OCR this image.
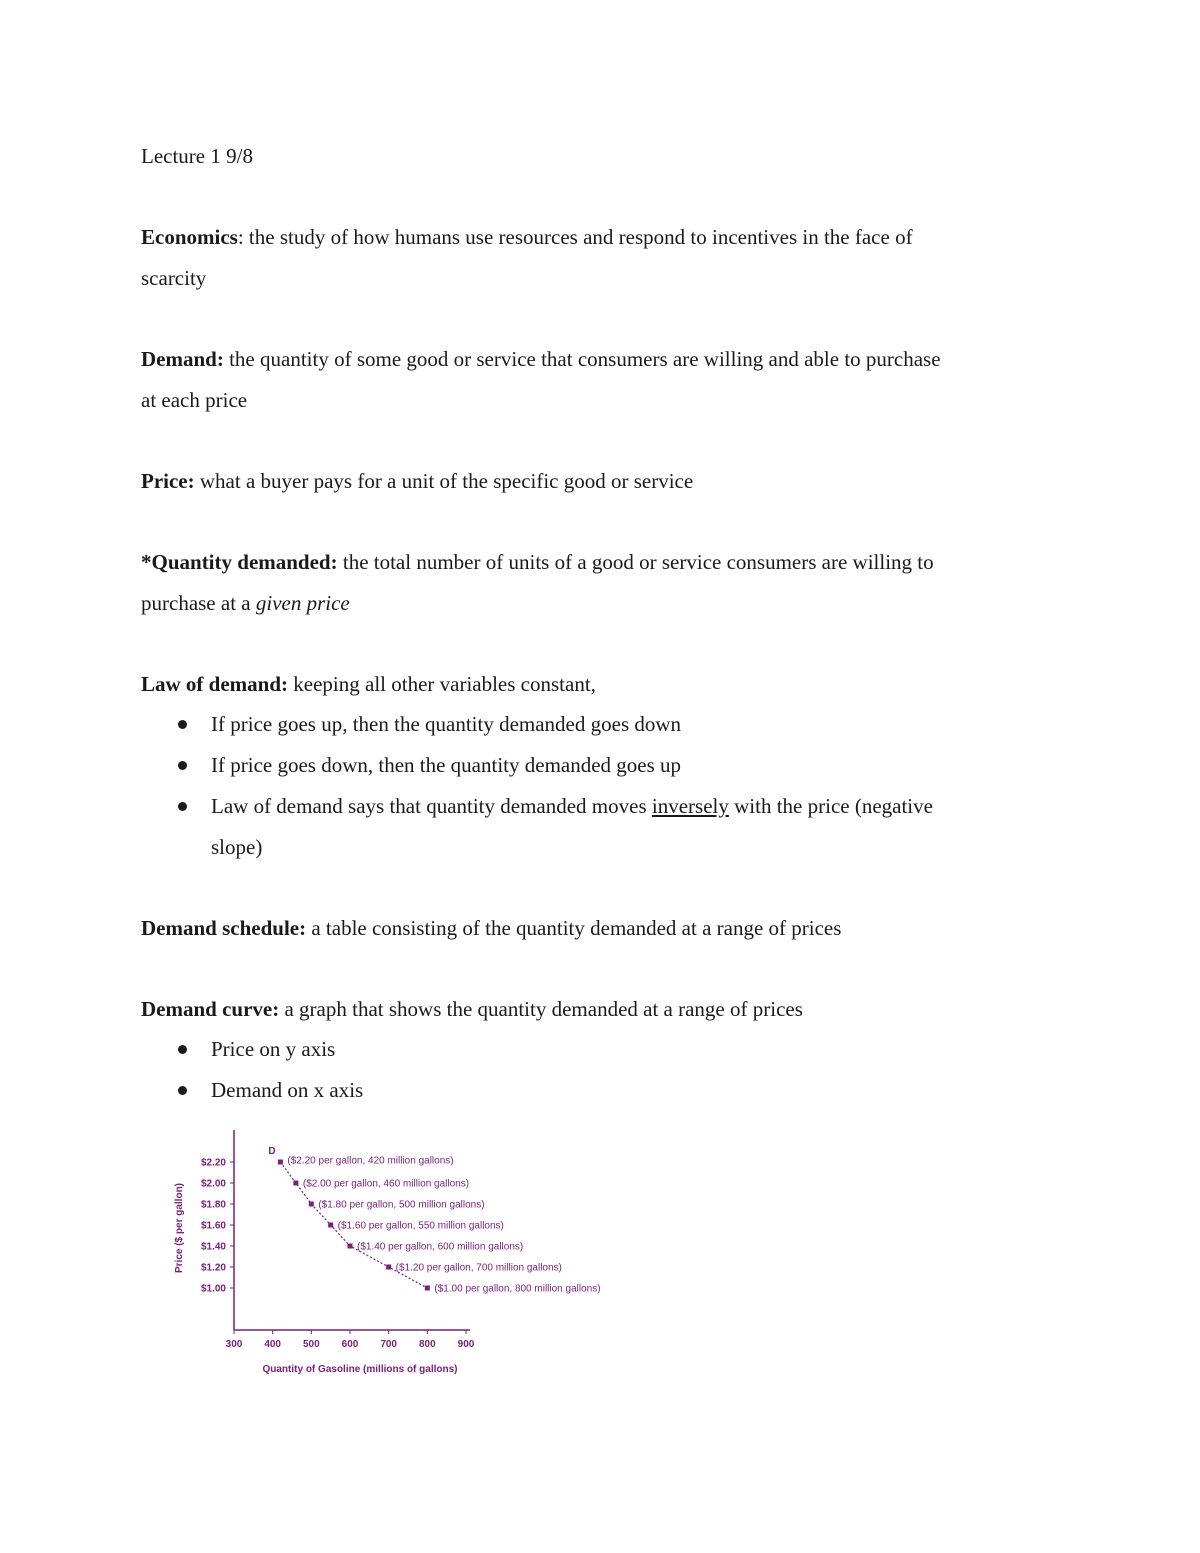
Lecture 1 9/8
Economics: the study of how humans use resources and respond to incentives in the face of
scarcity
Demand: the quantity of some good or service that consumers are willing and able to purchase
at each price
Price: what a buyer pays for a unit of the specific good or service
*Quantity demanded: the total number of units of a good or service consumers are willing to
purchase at a given price
Law of demand: keeping all other variables constant,
If price goes up, then the quantity demanded goes down
If price goes down, then the quantity demanded goes up
Law of demand says that quantity demanded moves inversely with the price (negative
slope)
Demand schedule: a table consisting of the quantity demanded at a range of prices
Demand curve: a graph that shows the quantity demanded at a range of prices
Price on y axis
Demand on x axis
$2.20
$2.00
$1.80
$1.60
$1.40
$1.20
$1.00
300 400 500 600 700 800 900
Quantity of Gasoline (millions of gallons)
Price ($ per gallon)
D
($2.20 per gallon, 420 million gallons)
($2.00 per gallon, 460 million gallons)
($1.80 per gallon, 500 million gallons)
($1.60 per gallon, 550 million gallons)
($1.40 per gallon, 600 million gallons)
($1.20 per gallon, 700 million gallons)
($1.00 per gallon, 800 million gallons)
